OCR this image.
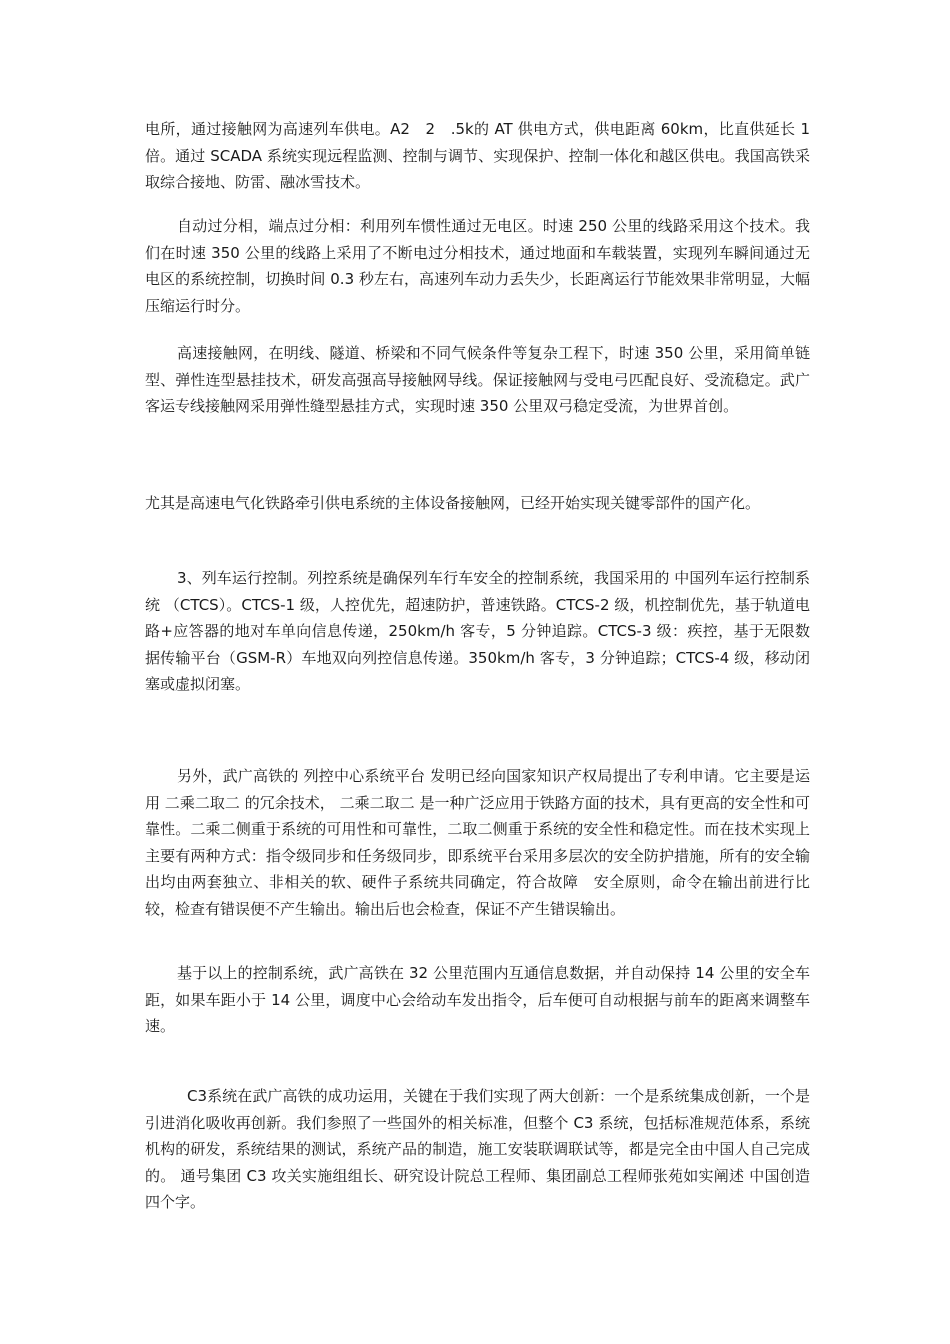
电所，通过接触网为高速列车供电。A2　2　.5k的 AT 供电方式，供电距离 60km，比直供延长 1 倍。通过 SCADA 系统实现远程监测、控制与调节、实现保护、控制一体化和越区供电。我国高铁采取综合接地、防雷、融冰雪技术。

自动过分相，端点过分相：利用列车惯性通过无电区。时速 250 公里的线路采用这个技术。我们在时速 350 公里的线路上采用了不断电过分相技术，通过地面和车载装置，实现列车瞬间通过无电区的系统控制，切换时间 0.3 秒左右，高速列车动力丢失少，长距离运行节能效果非常明显，大幅压缩运行时分。

高速接触网，在明线、隧道、桥梁和不同气候条件等复杂工程下，时速 350 公里，采用简单链型、弹性连型悬挂技术，研发高强高导接触网导线。保证接触网与受电弓匹配良好、受流稳定。武广客运专线接触网采用弹性缝型悬挂方式，实现时速 350 公里双弓稳定受流，为世界首创。

尤其是高速电气化铁路牵引供电系统的主体设备接触网，已经开始实现关键零部件的国产化。

3、列车运行控制。列控系统是确保列车行车安全的控制系统，我国采用的 中国列车运行控制系统 （CTCS）。CTCS-1 级，人控优先，超速防护，普速铁路。CTCS-2 级，机控制优先，基于轨道电路+应答器的地对车单向信息传递，250km/h 客专，5 分钟追踪。CTCS-3 级：疾控，基于无限数据传输平台（GSM-R）车地双向列控信息传递。350km/h 客专，3 分钟追踪；CTCS-4 级，移动闭塞或虚拟闭塞。

另外，武广高铁的 列控中心系统平台 发明已经向国家知识产权局提出了专利申请。它主要是运用 二乘二取二 的冗余技术， 二乘二取二 是一种广泛应用于铁路方面的技术，具有更高的安全性和可靠性。二乘二侧重于系统的可用性和可靠性，二取二侧重于系统的安全性和稳定性。而在技术实现上主要有两种方式：指令级同步和任务级同步，即系统平台采用多层次的安全防护措施，所有的安全输出均由两套独立、非相关的软、硬件子系统共同确定，符合故障　安全原则，命令在输出前进行比较，检查有错误便不产生输出。输出后也会检查，保证不产生错误输出。

基于以上的控制系统，武广高铁在 32 公里范围内互通信息数据，并自动保持 14 公里的安全车距，如果车距小于 14 公里，调度中心会给动车发出指令，后车便可自动根据与前车的距离来调整车速。

C3系统在武广高铁的成功运用，关键在于我们实现了两大创新：一个是系统集成创新，一个是引进消化吸收再创新。我们参照了一些国外的相关标准，但整个 C3 系统，包括标准规范体系，系统机构的研发，系统结果的测试，系统产品的制造，施工安装联调联试等，都是完全由中国人自己完成的。 通号集团 C3 攻关实施组组长、研究设计院总工程师、集团副总工程师张苑如实阐述 中国创造 四个字。
